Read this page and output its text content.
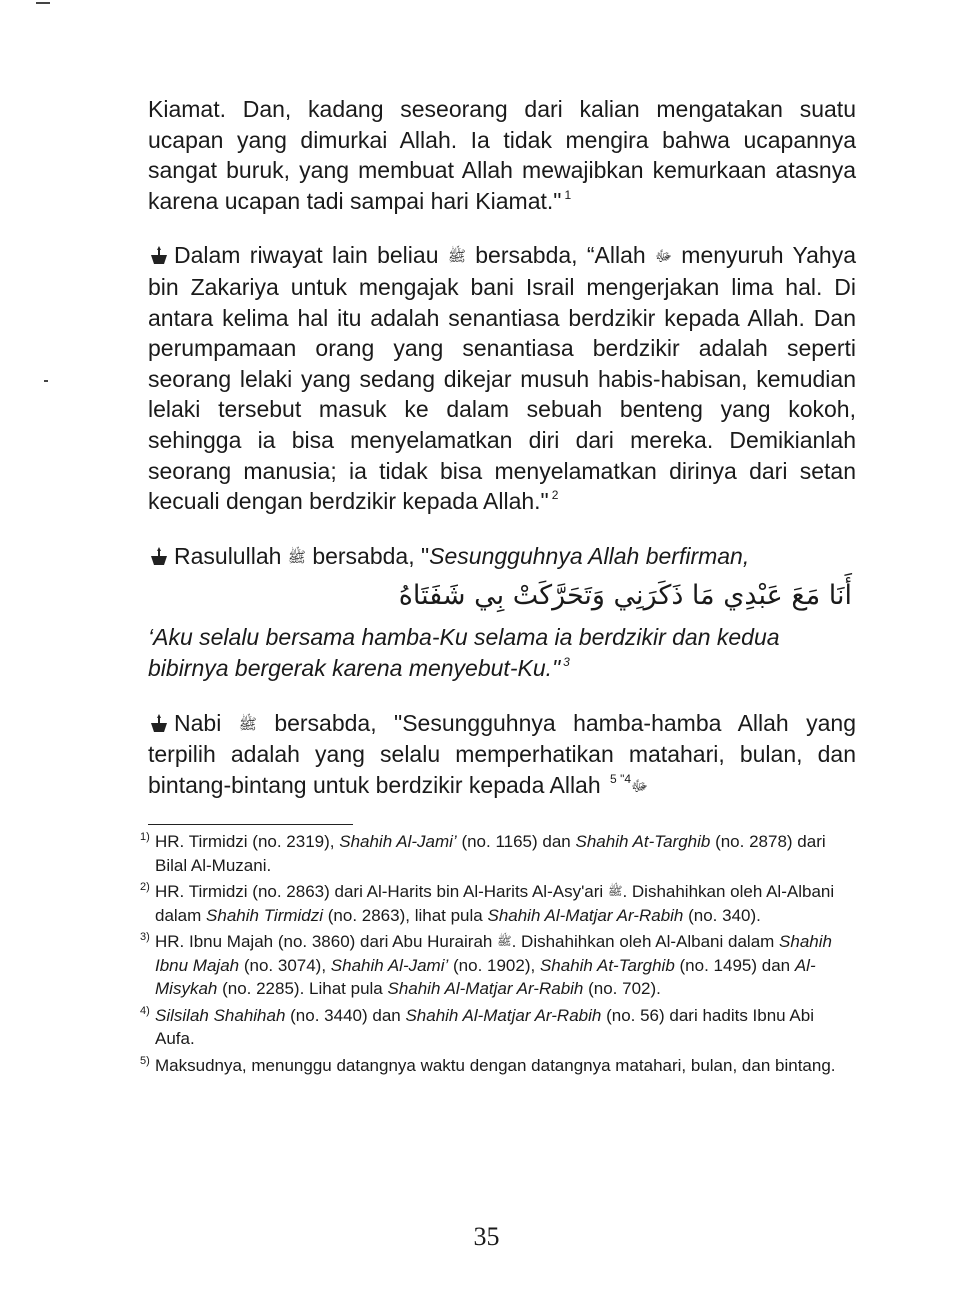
Kiamat. Dan, kadang seseorang dari kalian mengatakan suatu ucapan yang dimurkai Allah. Ia tidak mengira bahwa ucapannya sangat buruk, yang membuat Allah mewajibkan kemurkaan atasnya karena ucapan tadi sampai hari Kiamat." $^1$

Dalam riwayat lain beliau ﷺ bersabda, “Allah ﷻ menyuruh Yahya bin Zakariya untuk mengajak bani Israil mengerjakan lima hal. Di antara kelima hal itu adalah senantiasa berdzikir kepada Allah. Dan perumpamaan orang yang senantiasa berdzikir adalah seperti seorang lelaki yang sedang dikejar musuh habis-habisan, kemudian lelaki tersebut masuk ke dalam sebuah benteng yang kokoh, sehingga ia bisa menyelamatkan diri dari mereka. Demikianlah seorang manusia; ia tidak bisa menyelamatkan dirinya dari setan kecuali dengan berdzikir kepada Allah." $^2$

Rasulullah ﷺ bersabda, "Sesungguhnya Allah berfirman,

أَنَا مَعَ عَبْدِي مَا ذَكَرَنِي وَتَحَرَّكَتْ بِي شَفَتَاهُ

‘Aku selalu bersama hamba-Ku selama ia berdzikir dan kedua bibirnya bergerak karena menyebut-Ku." $^3$

Nabi ﷺ bersabda, "Sesungguhnya hamba-hamba Allah yang terpilih adalah yang selalu memperhatikan matahari, bulan, dan bintang-bintang untuk berdzikir kepada Allah ﷻ$^{4" 5}$

1) HR. Tirmidzi (no. 2319), Shahih Al-Jami’ (no. 1165) dan Shahih At-Targhib (no. 2878) dari Bilal Al-Muzani.
2) HR. Tirmidzi (no. 2863) dari Al-Harits bin Al-Harits Al-Asy'ari ﷺ. Dishahihkan oleh Al-Albani dalam Shahih Tirmidzi (no. 2863), lihat pula Shahih Al-Matjar Ar-Rabih (no. 340).
3) HR. Ibnu Majah (no. 3860) dari Abu Hurairah ﷺ. Dishahihkan oleh Al-Albani dalam Shahih Ibnu Majah (no. 3074), Shahih Al-Jami’ (no. 1902), Shahih At-Targhib (no. 1495) dan Al-Misykah (no. 2285). Lihat pula Shahih Al-Matjar Ar-Rabih (no. 702).
4) Silsilah Shahihah (no. 3440) dan Shahih Al-Matjar Ar-Rabih (no. 56) dari hadits Ibnu Abi Aufa.
5) Maksudnya, menunggu datangnya waktu dengan datangnya matahari, bulan, dan bintang.
35
